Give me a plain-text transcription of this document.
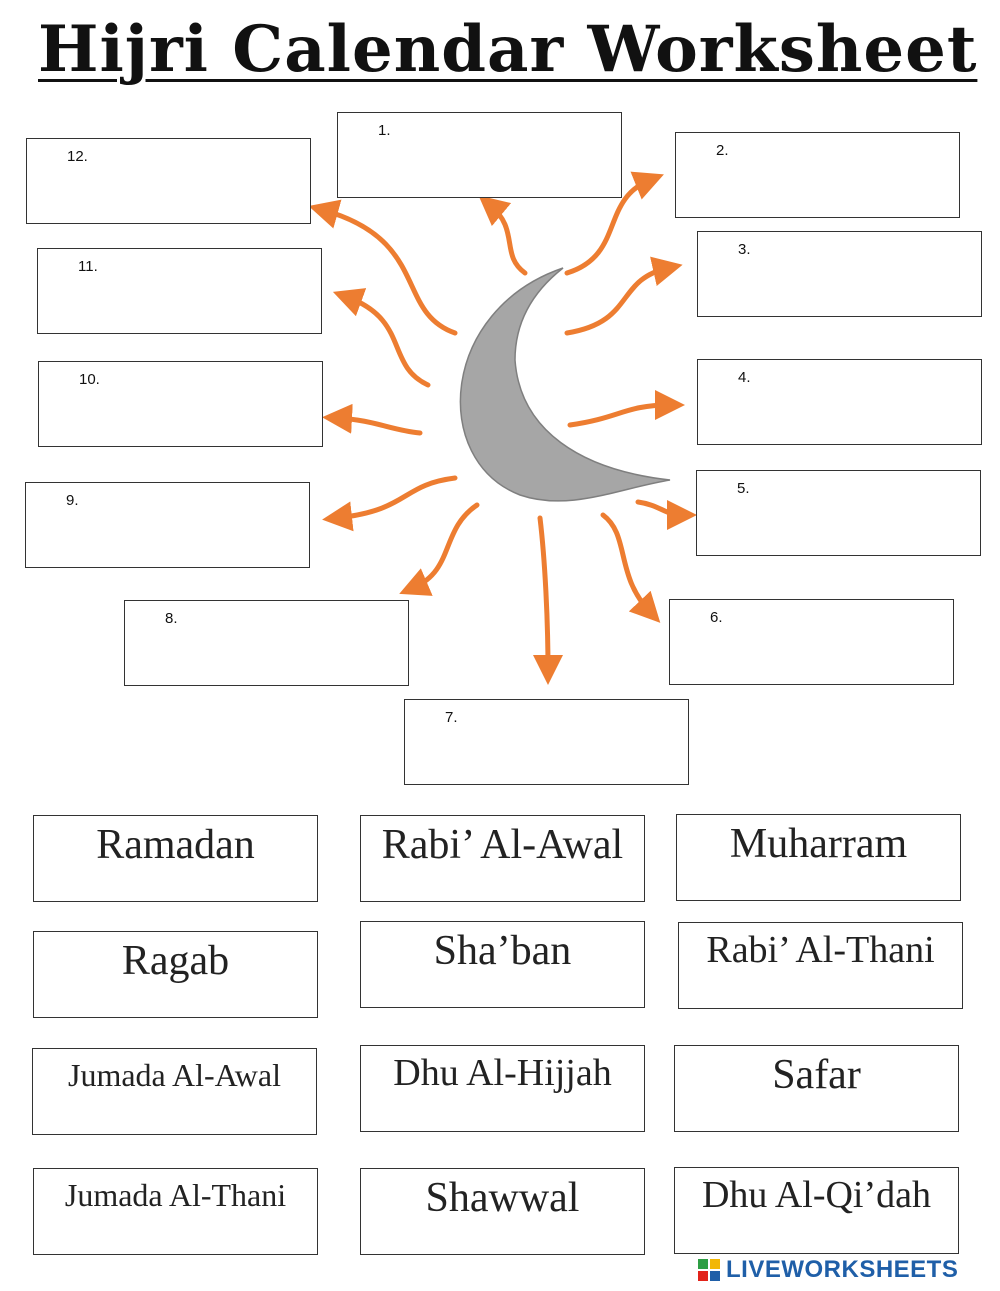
Hijri Calendar Worksheet
1.
2.
3.
4.
5.
6.
7.
8.
9.
10.
11.
12.
Ramadan	Rabi’ Al-Awal	Muharram
Ragab	Sha’ban	Rabi’ Al-Thani
Jumada Al-Awal	Dhu Al-Hijjah	Safar
Jumada Al-Thani	Shawwal	Dhu Al-Qi’dah
LIVEWORKSHEETS
